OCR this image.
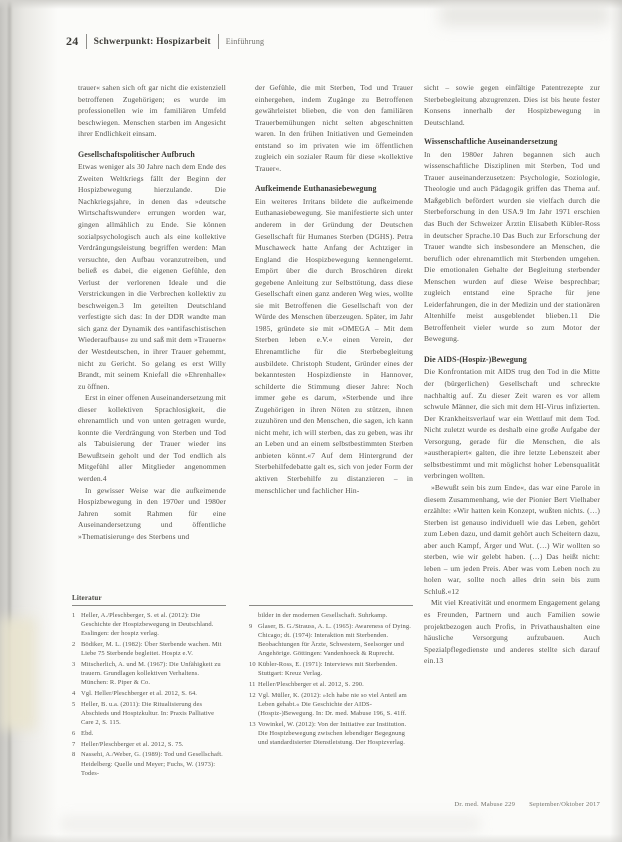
24 Schwerpunkt: Hospizarbeit Einführung

trauer« sahen sich oft gar nicht die existenziell betroffenen Zugehörigen; es wurde im professionellen wie im familiären Umfeld beschwiegen. Menschen starben im Angesicht ihrer Endlichkeit einsam.

Gesellschaftspolitischer Aufbruch

Etwas weniger als 30 Jahre nach dem Ende des Zweiten Weltkriegs fällt der Beginn der Hospizbewegung hierzulande. Die Nachkriegsjahre, in denen das »deutsche Wirtschaftswunder« errungen worden war, gingen allmählich zu Ende. Sie können sozialpsychologisch auch als eine kollektive Verdrängungsleistung begriffen werden: Man versuchte, den Aufbau voranzutreiben, und beließ es dabei, die eigenen Gefühle, den Verlust der verlorenen Ideale und die Verstrickungen in die Verbrechen kollektiv zu beschweigen.3 Im geteilten Deutschland verfestigte sich das: In der DDR wandte man sich ganz der Dynamik des »antifaschistischen Wiederaufbaus« zu und saß mit dem »Trauern« der Westdeutschen, in ihrer Trauer gehemmt, nicht zu Gericht. So gelang es erst Willy Brandt, mit seinem Kniefall die »Ehrenhalle« zu öffnen.

Erst in einer offenen Auseinandersetzung mit dieser kollektiven Sprachlosigkeit, die ehrenamtlich und von unten getragen wurde, konnte die Verdrängung von Sterben und Tod als Tabuisierung der Trauer wieder ins Bewußtsein geholt und der Tod endlich als Mitgefühl aller Mitglieder angenommen werden.4

In gewisser Weise war die aufkeimende Hospizbewegung in den 1970er und 1980er Jahren somit Rahmen für eine Auseinandersetzung und öffentliche »Thematisierung« des Sterbens und

der Gefühle, die mit Sterben, Tod und Trauer einhergehen, indem Zugänge zu Betroffenen gewährleistet blieben, die von den familiären Trauerbemühungen nicht selten abgeschnitten waren. In den frühen Initiativen und Gemeinden entstand so im privaten wie im öffentlichen zugleich ein sozialer Raum für diese »kollektive Trauer«.

Aufkeimende Euthanasiebewegung

Ein weiteres Irritans bildete die aufkeimende Euthanasiebewegung. Sie manifestierte sich unter anderem in der Gründung der Deutschen Gesellschaft für Humanes Sterben (DGHS). Petra Muschaweck hatte Anfang der Achtziger in England die Hospizbewegung kennengelernt. Empört über die durch Broschüren direkt gegebene Anleitung zur Selbsttötung, dass diese Gesellschaft einen ganz anderen Weg wies, wollte sie mit Betroffenen die Gesellschaft von der Würde des Menschen überzeugen. Später, im Jahr 1985, gründete sie mit »OMEGA – Mit dem Sterben leben e.V.« einen Verein, der Ehrenamtliche für die Sterbebegleitung ausbildete. Christoph Student, Gründer eines der bekanntesten Hospizdienste in Hannover, schilderte die Stimmung dieser Jahre: Noch immer gehe es darum, »Sterbende und ihre Zugehörigen in ihren Nöten zu stützen, ihnen zuzuhören und den Menschen, die sagen, ich kann nicht mehr, ich will sterben, das zu geben, was ihr an Leben und an einem selbstbestimmten Sterben anbieten könnt.«7 Auf dem Hintergrund der Sterbehilfedebatte galt es, sich von jeder Form der aktiven Sterbehilfe zu distanzieren – in menschlicher und fachlicher Hin-

sicht – sowie gegen einfältige Patentrezepte zur Sterbebegleitung abzugrenzen. Dies ist bis heute fester Konsens innerhalb der Hospizbewegung in Deutschland.

Wissenschaftliche Auseinandersetzung

In den 1980er Jahren begannen sich auch wissenschaftliche Disziplinen mit Sterben, Tod und Trauer auseinanderzusetzen: Psychologie, Soziologie, Theologie und auch Pädagogik griffen das Thema auf. Maßgeblich befördert wurden sie vielfach durch die Sterbeforschung in den USA.9 Im Jahr 1971 erschien das Buch der Schweizer Ärztin Elisabeth Kübler-Ross in deutscher Sprache.10 Das Buch zur Erforschung der Trauer wandte sich insbesondere an Menschen, die beruflich oder ehrenamtlich mit Sterbenden umgehen. Die emotionalen Gehalte der Begleitung sterbender Menschen wurden auf diese Weise besprechbar; zugleich entstand eine Sprache für jene Leiderfahrungen, die in der Medizin und der stationären Altenhilfe meist ausgeblendet blieben.11 Die Betroffenheit vieler wurde so zum Motor der Bewegung.

Die AIDS-(Hospiz-)Bewegung

Die Konfrontation mit AIDS trug den Tod in die Mitte der (bürgerlichen) Gesellschaft und schreckte nachhaltig auf. Zu dieser Zeit waren es vor allem schwule Männer, die sich mit dem HI-Virus infizierten. Der Krankheitsverlauf war ein Wettlauf mit dem Tod. Nicht zuletzt wurde es deshalb eine große Aufgabe der Versorgung, gerade für die Menschen, die als »austherapiert« galten, die ihre letzte Lebenszeit aber selbstbestimmt und mit möglichst hoher Lebensqualität verbringen wollten.

»Bewußt sein bis zum Ende«, das war eine Parole in diesem Zusammenhang, wie der Pionier Bert Vielhaber erzählte: »Wir hatten kein Konzept, wußten nichts. (…) Sterben ist genauso individuell wie das Leben, gehört zum Leben dazu, und damit gehört auch Scheitern dazu, aber auch Kampf, Ärger und Wut. (…) Wir wollten so sterben, wie wir gelebt haben. (…) Das heißt nicht: leben – um jeden Preis. Aber was vom Leben noch zu holen war, sollte noch alles drin sein bis zum Schluß.«12

Mit viel Kreativität und enormem Engagement gelang es Freunden, Partnern und auch Familien sowie projektbezogen auch Profis, in Privathaushalten eine häusliche Versorgung aufzubauen. Auch Spezialpflegedienste und anderes stellte sich darauf ein.13

Literatur
1 Heller, A./Pleschberger, S. et al. (2012): Die Geschichte der Hospizbewegung in Deutschland. Esslingen: der hospiz verlag.
2 Bödiker, M. L. (1982): Über Sterbende wachen. Mit Liebe 75 Sterbende begleitet. Hospiz e.V.
3 Mitscherlich, A. und M. (1967): Die Unfähigkeit zu trauern. Grundlagen kollektiven Verhaltens. München: R. Piper & Co.
4 Vgl. Heller/Pleschberger et al. 2012, S. 64.
5 Heller, B. u.a. (2011): Die Ritualisierung des Abschieds und Hospizkultur. In: Praxis Palliative Care 2, S. 115.
6 Ebd.
7 Heller/Pleschberger et al. 2012, S. 75.
8 Nassehi, A./Weber, G. (1989): Tod und Gesellschaft. Heidelberg: Quelle und Meyer; Fuchs, W. (1973): Todes-

bilder in der modernen Gesellschaft. Suhrkamp.
9 Glaser, B. G./Strauss, A. L. (1965): Awareness of Dying. Chicago; dt. (1974): Interaktion mit Sterbenden. Beobachtungen für Ärzte, Schwestern, Seelsorger und Angehörige. Göttingen: Vandenhoeck & Ruprecht.
10 Kübler-Ross, E. (1971): Interviews mit Sterbenden. Stuttgart: Kreuz Verlag.
11 Heller/Pleschberger et al. 2012, S. 290.
12 Vgl. Müller, K. (2012): »Ich habe nie so viel Anteil am Leben gehabt.« Die Geschichte der AIDS-(Hospiz-)Bewegung. In: Dr. med. Mabuse 196, S. 41ff.
13 Vowinkel, W. (2012): Von der Initiative zur Institution. Die Hospizbewegung zwischen lebendiger Begegnung und standardisierter Dienstleistung. Der Hospizverlag.
Dr. med. Mabuse 229 September/Oktober 2017
